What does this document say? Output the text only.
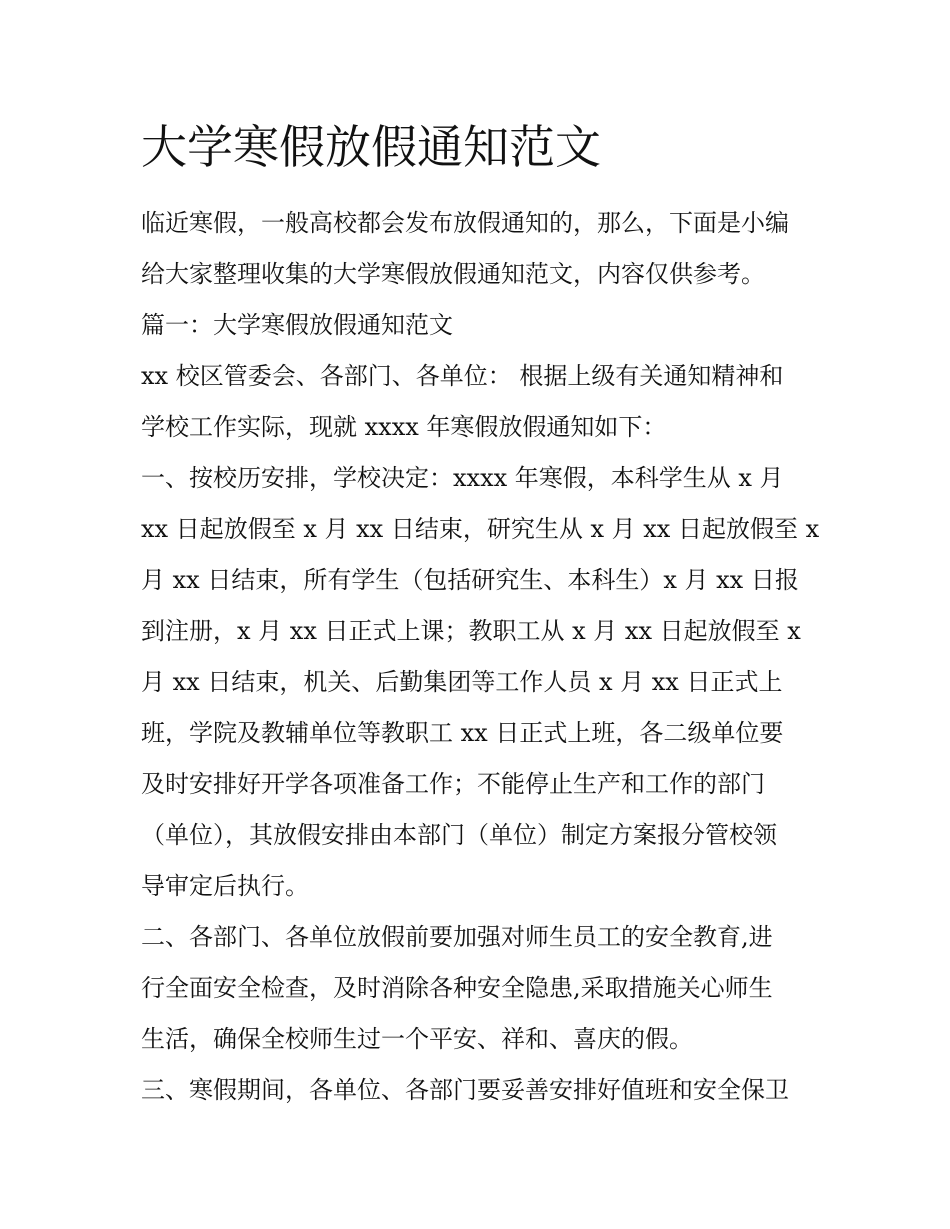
大学寒假放假通知范文
临近寒假，一般高校都会发布放假通知的，那么，下面是小编
给大家整理收集的大学寒假放假通知范文，内容仅供参考。
篇一：大学寒假放假通知范文
xx 校区管委会、各部门、各单位： 根据上级有关通知精神和
学校工作实际，现就 xxxx 年寒假放假通知如下：
一、按校历安排，学校决定：xxxx 年寒假，本科学生从 x 月
xx 日起放假至 x 月 xx 日结束，研究生从 x 月 xx 日起放假至 x
月 xx 日结束，所有学生（包括研究生、本科生）x 月 xx 日报
到注册，x 月 xx 日正式上课；教职工从 x 月 xx 日起放假至 x
月 xx 日结束，机关、后勤集团等工作人员 x 月 xx 日正式上
班，学院及教辅单位等教职工 xx 日正式上班，各二级单位要
及时安排好开学各项准备工作；不能停止生产和工作的部门
（单位），其放假安排由本部门（单位）制定方案报分管校领
导审定后执行。
二、各部门、各单位放假前要加强对师生员工的安全教育,进
行全面安全检查，及时消除各种安全隐患,采取措施关心师生
生活，确保全校师生过一个平安、祥和、喜庆的假。
三、寒假期间，各单位、各部门要妥善安排好值班和安全保卫
